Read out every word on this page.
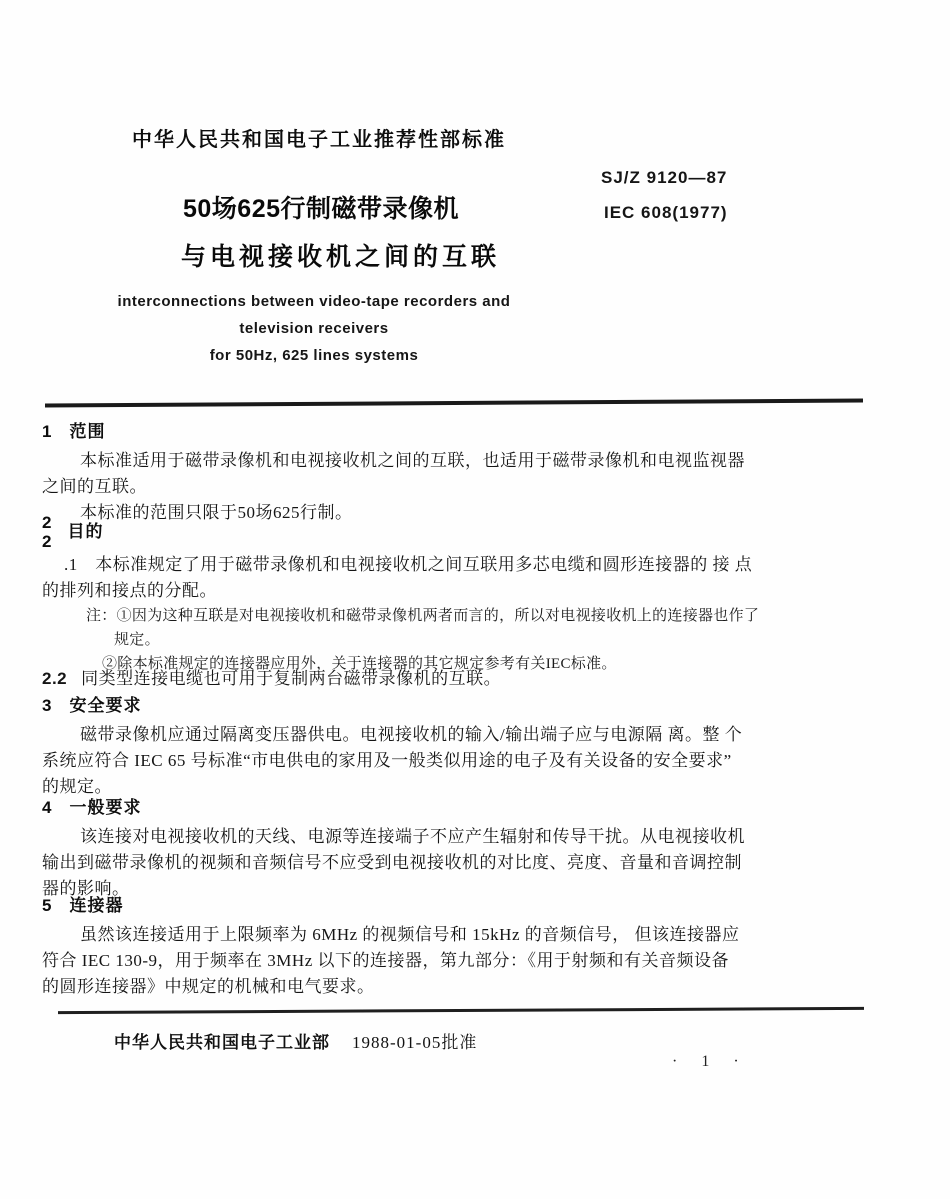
中华人民共和国电子工业推荐性部标准
SJ/Z 9120—87
IEC 608(1977)
50场625行制磁带录像机
与电视接收机之间的互联
interconnections between video-tape recorders and
television receivers
for 50Hz, 625 lines systems
1 范围
本标准适用于磁带录像机和电视接收机之间的互联，也适用于磁带录像机和电视监视器
之间的互联。
本标准的范围只限于50场625行制。
2
2
目的
.1　本标准规定了用于磁带录像机和电视接收机之间互联用多芯电缆和圆形连接器的 接 点
的排列和接点的分配。
注：①因为这种互联是对电视接收机和磁带录像机两者而言的，所以对电视接收机上的连接器也作了
规定。
②除本标准规定的连接器应用外，关于连接器的其它规定参考有关IEC标准。
2.2 同类型连接电缆也可用于复制两台磁带录像机的互联。
3 安全要求
磁带录像机应通过隔离变压器供电。电视接收机的输入/输出端子应与电源隔 离。整 个
系统应符合 IEC 65 号标准“市电供电的家用及一般类似用途的电子及有关设备的安全要求”
的规定。
4 一般要求
该连接对电视接收机的天线、电源等连接端子不应产生辐射和传导干扰。从电视接收机
输出到磁带录像机的视频和音频信号不应受到电视接收机的对比度、亮度、音量和音调控制
器的影响。
5 连接器
虽然该连接适用于上限频率为 6MHz 的视频信号和 15kHz 的音频信号， 但该连接器应
符合 IEC 130-9，用于频率在 3MHz 以下的连接器，第九部分：《用于射频和有关音频设备
的圆形连接器》中规定的机械和电气要求。
中华人民共和国电子工业部 1988-01-05批准
· 1 ·
